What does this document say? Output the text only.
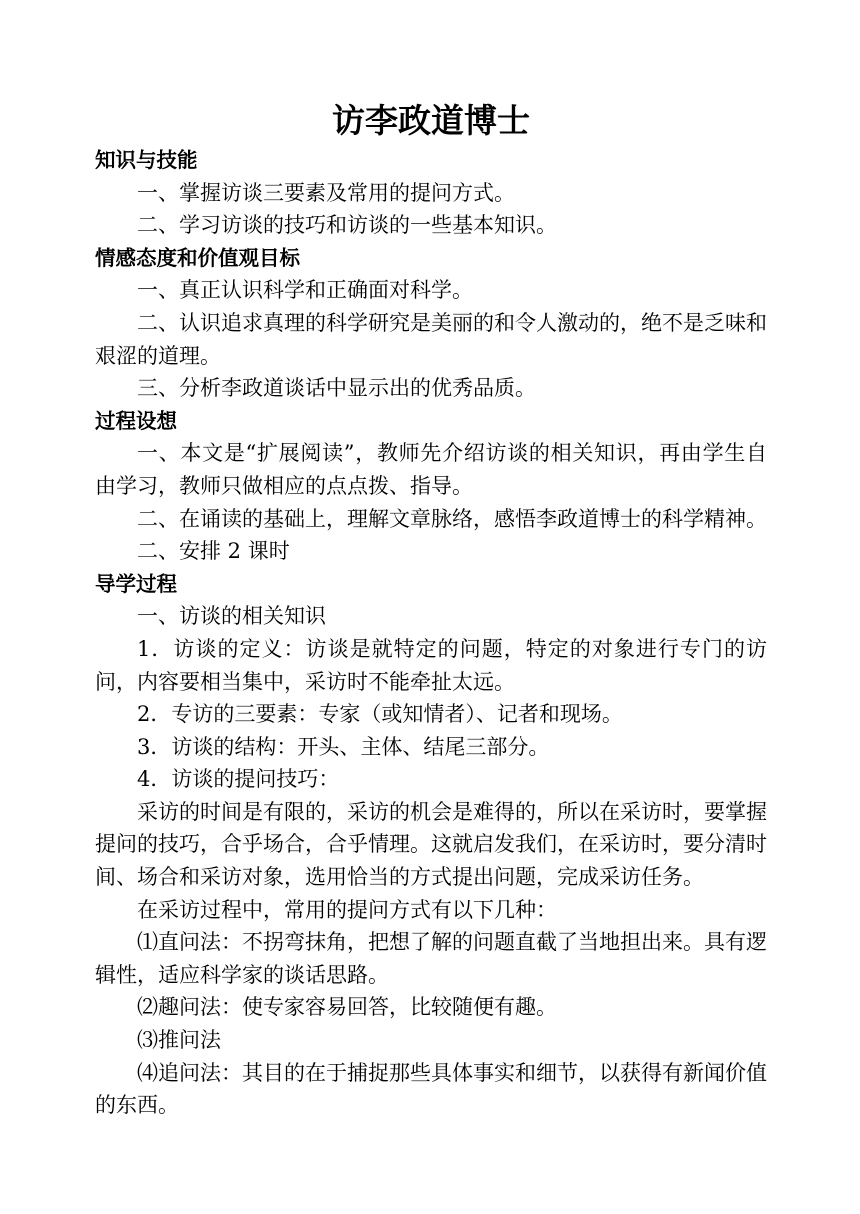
访李政道博士

知识与技能

一、掌握访谈三要素及常用的提问方式。

二、学习访谈的技巧和访谈的一些基本知识。

情感态度和价值观目标

一、真正认识科学和正确面对科学。

二、认识追求真理的科学研究是美丽的和令人激动的，绝不是乏味和艰涩的道理。

三、分析李政道谈话中显示出的优秀品质。

过程设想

一、本文是“扩展阅读”，教师先介绍访谈的相关知识，再由学生自由学习，教师只做相应的点点拨、指导。

二、在诵读的基础上，理解文章脉络，感悟李政道博士的科学精神。

二、安排 2 课时

导学过程

一、访谈的相关知识

1．访谈的定义：访谈是就特定的问题，特定的对象进行专门的访问，内容要相当集中，采访时不能牵扯太远。

2．专访的三要素：专家（或知情者）、记者和现场。

3．访谈的结构：开头、主体、结尾三部分。

4．访谈的提问技巧：

采访的时间是有限的，采访的机会是难得的，所以在采访时，要掌握提问的技巧，合乎场合，合乎情理。这就启发我们，在采访时，要分清时间、场合和采访对象，选用恰当的方式提出问题，完成采访任务。

在采访过程中，常用的提问方式有以下几种：

⑴直问法：不拐弯抹角，把想了解的问题直截了当地担出来。具有逻辑性，适应科学家的谈话思路。

⑵趣问法：使专家容易回答，比较随便有趣。

⑶推问法

⑷追问法：其目的在于捕捉那些具体事实和细节，以获得有新闻价值的东西。
